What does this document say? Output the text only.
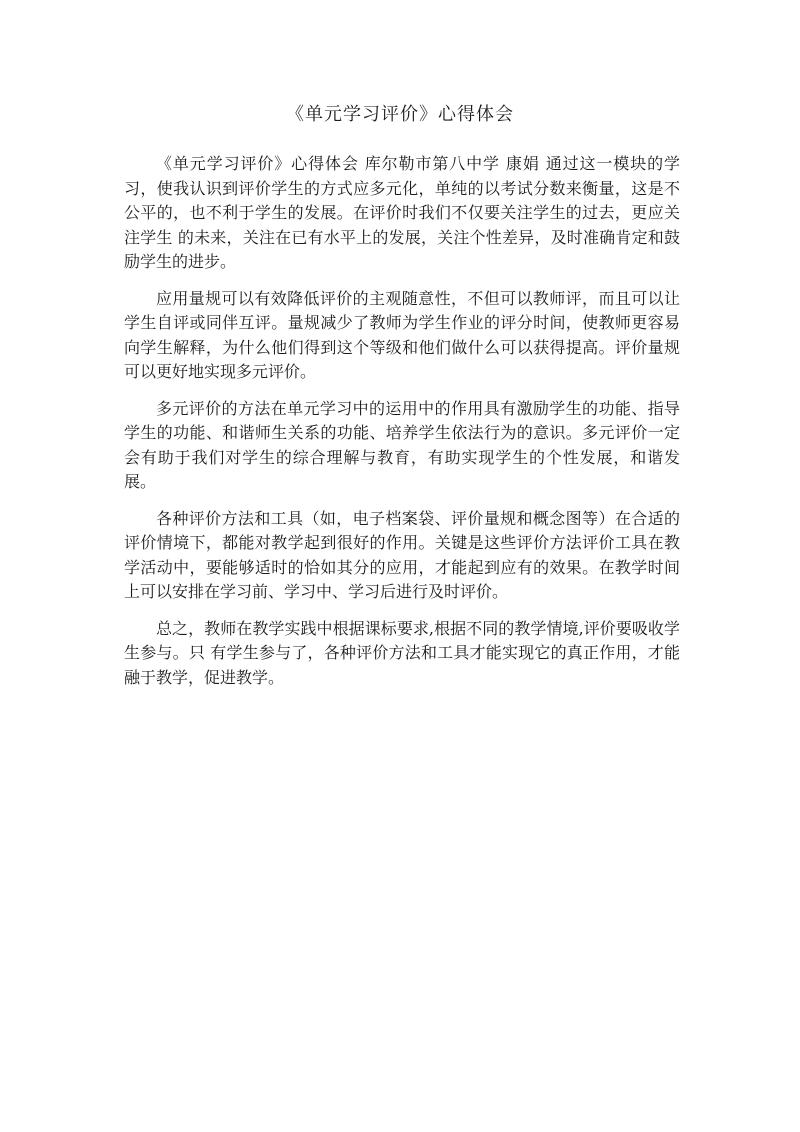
《单元学习评价》心得体会

《单元学习评价》心得体会 库尔勒市第八中学 康娟 通过这一模块的学习，使我认识到评价学生的方式应多元化，单纯的以考试分数来衡量，这是不公平的，也不利于学生的发展。在评价时我们不仅要关注学生的过去，更应关注学生 的未来，关注在已有水平上的发展，关注个性差异，及时准确肯定和鼓励学生的进步。

应用量规可以有效降低评价的主观随意性，不但可以教师评，而且可以让学生自评或同伴互评。量规减少了教师为学生作业的评分时间，使教师更容易向学生解释，为什么他们得到这个等级和他们做什么可以获得提高。评价量规可以更好地实现多元评价。

多元评价的方法在单元学习中的运用中的作用具有激励学生的功能、指导学生的功能、和谐师生关系的功能、培养学生依法行为的意识。多元评价一定会有助于我们对学生的综合理解与教育，有助实现学生的个性发展，和谐发展。

各种评价方法和工具（如，电子档案袋、评价量规和概念图等）在合适的评价情境下，都能对教学起到很好的作用。关键是这些评价方法评价工具在教学活动中，要能够适时的恰如其分的应用，才能起到应有的效果。在教学时间上可以安排在学习前、学习中、学习后进行及时评价。

总之，教师在教学实践中根据课标要求,根据不同的教学情境,评价要吸收学生参与。只 有学生参与了，各种评价方法和工具才能实现它的真正作用，才能融于教学，促进教学。
